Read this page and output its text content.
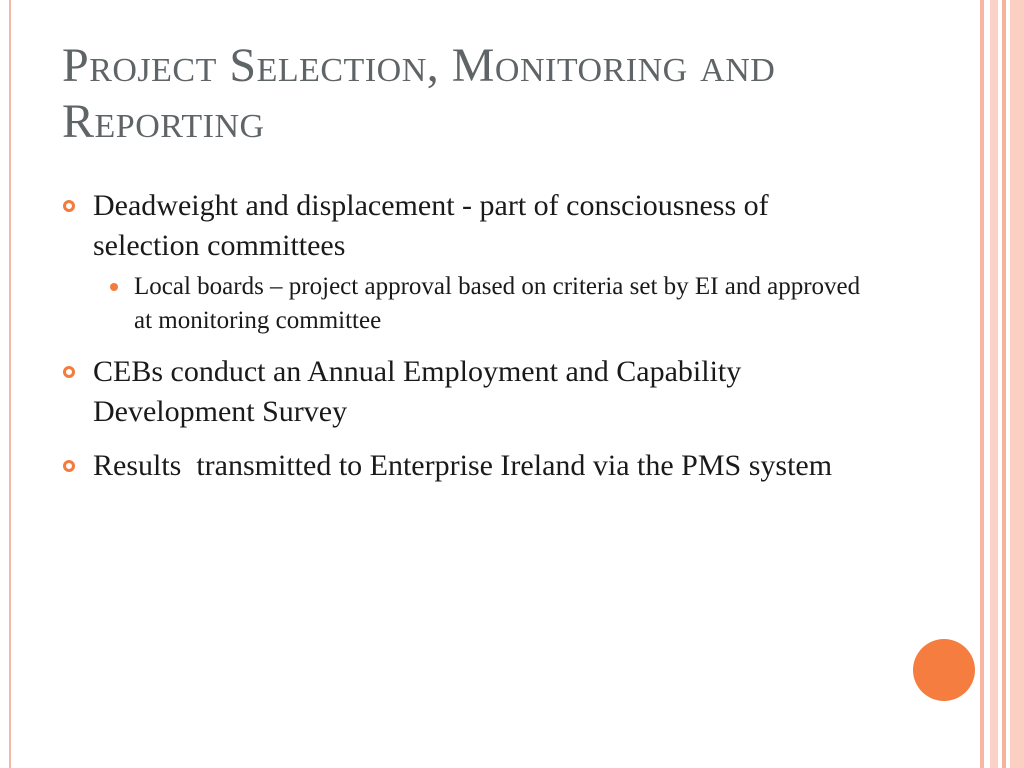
Project Selection, Monitoring and Reporting
Deadweight and displacement - part of consciousness of selection committees
Local boards – project approval based on criteria set by EI and approved at monitoring committee
CEBs conduct an Annual Employment and Capability Development Survey
Results  transmitted to Enterprise Ireland via the PMS system
